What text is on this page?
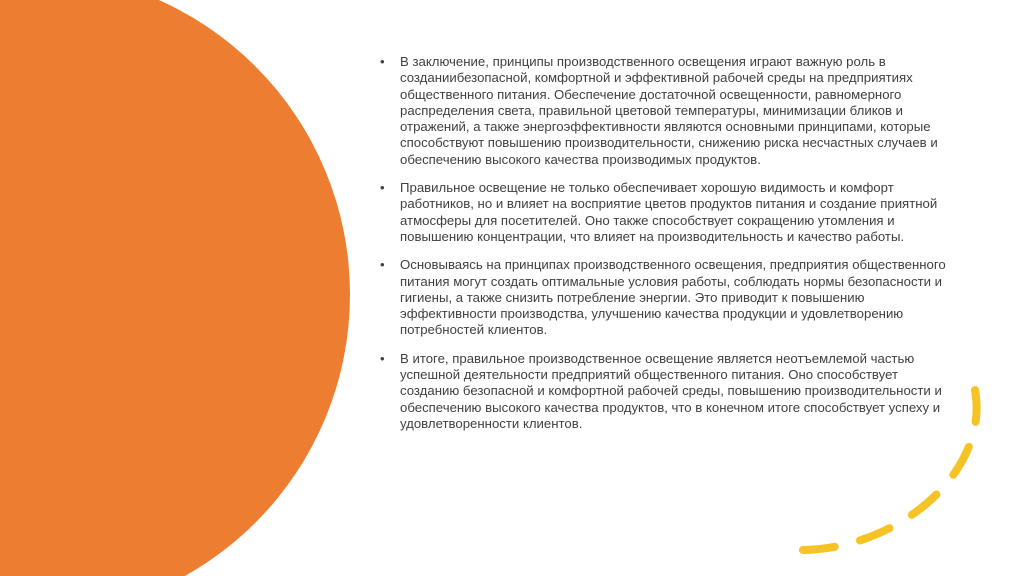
• В заключение, принципы производственного освещения играют важную роль в созданиибезопасной, комфортной и эффективной рабочей среды на предприятиях общественного питания. Обеспечение достаточной освещенности, равномерного распределения света, правильной цветовой температуры, минимизации бликов и отражений, а также энергоэффективности являются основными принципами, которые способствуют повышению производительности, снижению риска несчастных случаев и обеспечению высокого качества производимых продуктов.
• Правильное освещение не только обеспечивает хорошую видимость и комфорт работников, но и влияет на восприятие цветов продуктов питания и создание приятной атмосферы для посетителей. Оно также способствует сокращению утомления и повышению концентрации, что влияет на производительность и качество работы.
• Основываясь на принципах производственного освещения, предприятия общественного питания могут создать оптимальные условия работы, соблюдать нормы безопасности и гигиены, а также снизить потребление энергии. Это приводит к повышению эффективности производства, улучшению качества продукции и удовлетворению потребностей клиентов.
• В итоге, правильное производственное освещение является неотъемлемой частью успешной деятельности предприятий общественного питания. Оно способствует созданию безопасной и комфортной рабочей среды, повышению производительности и обеспечению высокого качества продуктов, что в конечном итоге способствует успеху и удовлетворенности клиентов.
